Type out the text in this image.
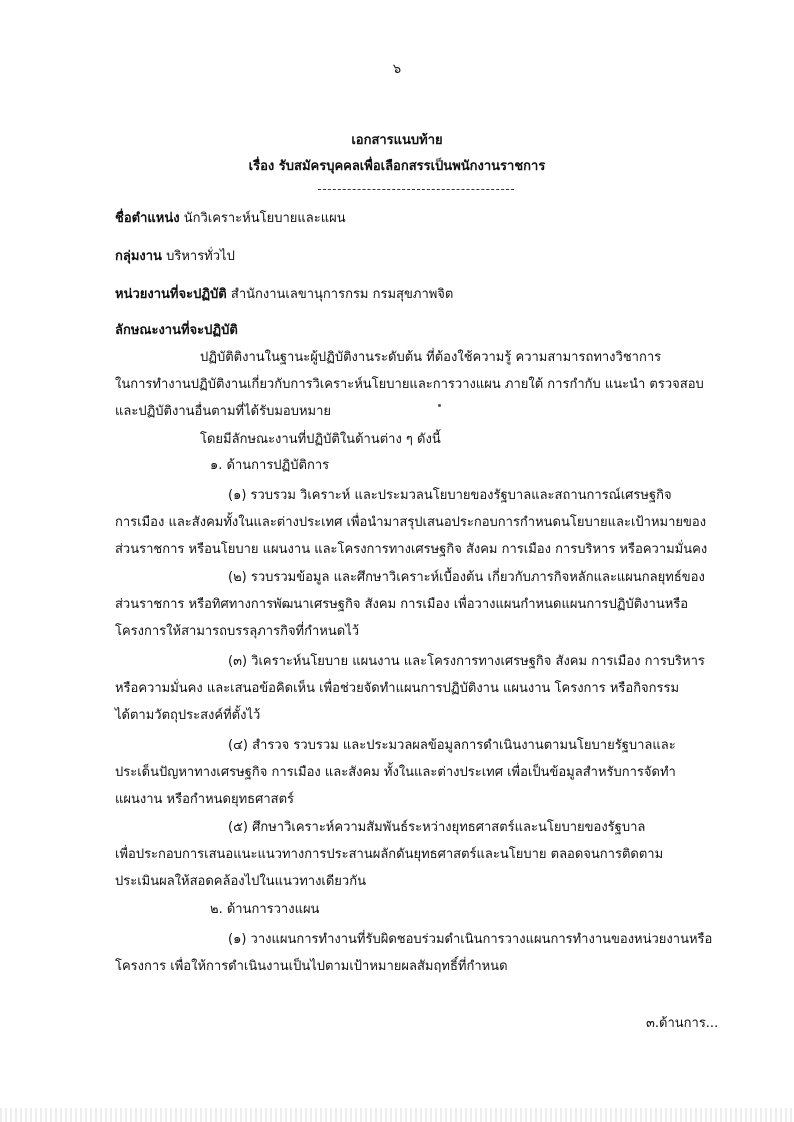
๖
เอกสารแนบท้าย
เรื่อง รับสมัครบุคคลเพื่อเลือกสรรเป็นพนักงานราชการ
ชื่อตำแหน่ง นักวิเคราะห์นโยบายและแผน
กลุ่มงาน บริหารทั่วไป
หน่วยงานที่จะปฏิบัติ สำนักงานเลขานุการกรม กรมสุขภาพจิต
ลักษณะงานที่จะปฏิบัติ
ปฏิบัติติงานในฐานะผู้ปฏิบัติงานระดับต้น ที่ต้องใช้ความรู้ ความสามารถทางวิชาการ
ในการทำงานปฏิบัติงานเกี่ยวกับการวิเคราะห์นโยบายและการวางแผน ภายใต้ การกำกับ แนะนำ ตรวจสอบ
และปฏิบัติงานอื่นตามที่ได้รับมอบหมาย
โดยมีลักษณะงานที่ปฏิบัติในด้านต่าง ๆ ดังนี้
๑. ด้านการปฏิบัติการ
(๑) รวบรวม วิเคราะห์ และประมวลนโยบายของรัฐบาลและสถานการณ์เศรษฐกิจ
การเมือง และสังคมทั้งในและต่างประเทศ เพื่อนำมาสรุปเสนอประกอบการกำหนดนโยบายและเป้าหมายของ
ส่วนราชการ หรือนโยบาย แผนงาน และโครงการทางเศรษฐกิจ สังคม การเมือง การบริหาร หรือความมั่นคง
(๒) รวบรวมข้อมูล และศึกษาวิเคราะห์เบื้องต้น เกี่ยวกับภารกิจหลักและแผนกลยุทธ์ของ
ส่วนราชการ หรือทิศทางการพัฒนาเศรษฐกิจ สังคม การเมือง เพื่อวางแผนกำหนดแผนการปฏิบัติงานหรือ
โครงการให้สามารถบรรลุภารกิจที่กำหนดไว้
(๓) วิเคราะห์นโยบาย แผนงาน และโครงการทางเศรษฐกิจ สังคม การเมือง การบริหาร
หรือความมั่นคง และเสนอข้อคิดเห็น เพื่อช่วยจัดทำแผนการปฏิบัติงาน แผนงาน โครงการ หรือกิจกรรม
ได้ตามวัตถุประสงค์ที่ตั้งไว้
(๔) สำรวจ รวบรวม และประมวลผลข้อมูลการดำเนินงานตามนโยบายรัฐบาลและ
ประเด็นปัญหาทางเศรษฐกิจ การเมือง และสังคม ทั้งในและต่างประเทศ เพื่อเป็นข้อมูลสำหรับการจัดทำ
แผนงาน หรือกำหนดยุทธศาสตร์
(๕) ศึกษาวิเคราะห์ความสัมพันธ์ระหว่างยุทธศาสตร์และนโยบายของรัฐบาล
เพื่อประกอบการเสนอแนะแนวทางการประสานผลักดันยุทธศาสตร์และนโยบาย ตลอดจนการติดตาม
ประเมินผลให้สอดคล้องไปในแนวทางเดียวกัน
๒. ด้านการวางแผน
(๑) วางแผนการทำงานที่รับผิดชอบร่วมดำเนินการวางแผนการทำงานของหน่วยงานหรือ
โครงการ เพื่อให้การดำเนินงานเป็นไปตามเป้าหมายผลสัมฤทธิ์ที่กำหนด
๓.ด้านการ...
